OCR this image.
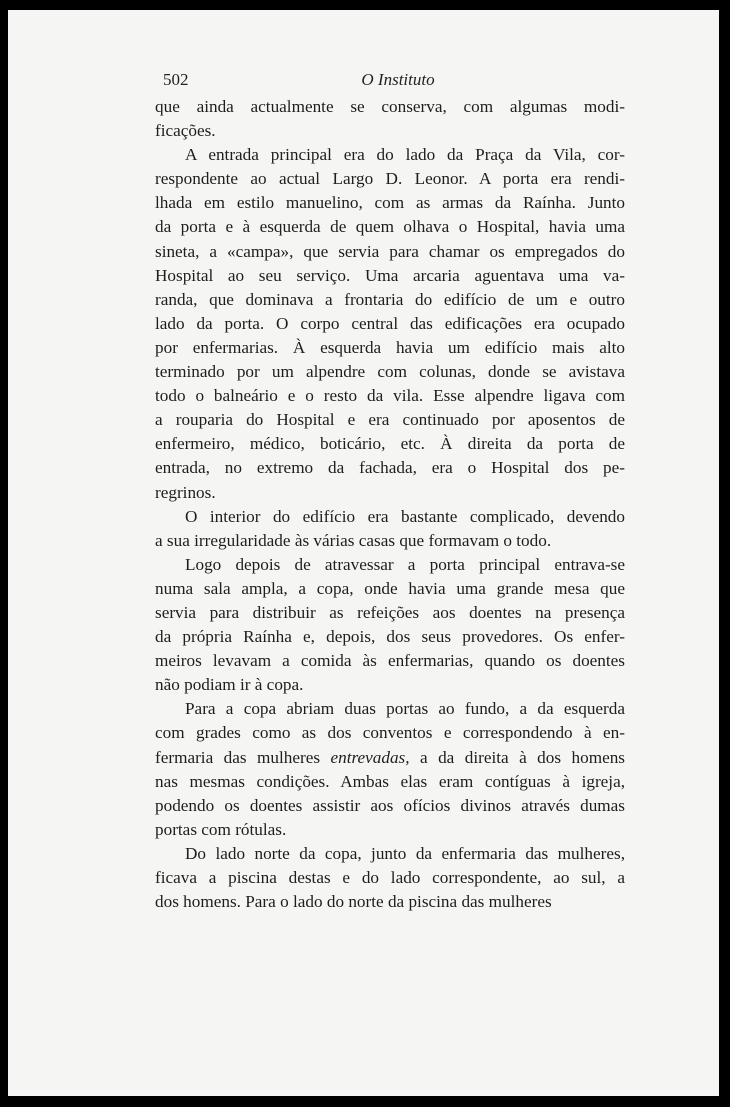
502	O Instituto

que ainda actualmente se conserva, com algumas modi-
ficações.

A entrada principal era do lado da Praça da Vila, cor-
respondente ao actual Largo D. Leonor. A porta era rendi-
lhada em estilo manuelino, com as armas da Raínha. Junto
da porta e à esquerda de quem olhava o Hospital, havia uma
sineta, a «campa», que servia para chamar os empregados do
Hospital ao seu serviço. Uma arcaria aguentava uma va-
randa, que dominava a frontaria do edifício de um e outro
lado da porta. O corpo central das edificações era ocupado
por enfermarias. À esquerda havia um edifício mais alto
terminado por um alpendre com colunas, donde se avistava
todo o balneário e o resto da vila. Esse alpendre ligava com
a rouparia do Hospital e era continuado por aposentos de
enfermeiro, médico, boticário, etc. À direita da porta de
entrada, no extremo da fachada, era o Hospital dos pe-
regrinos.

O interior do edifício era bastante complicado, devendo
a sua irregularidade às várias casas que formavam o todo.

Logo depois de atravessar a porta principal entrava-se
numa sala ampla, a copa, onde havia uma grande mesa que
servia para distribuir as refeições aos doentes na presença
da própria Raínha e, depois, dos seus provedores. Os enfer-
meiros levavam a comida às enfermarias, quando os doentes
não podiam ir à copa.

Para a copa abriam duas portas ao fundo, a da esquerda
com grades como as dos conventos e correspondendo à en-
fermaria das mulheres entrevadas, a da direita à dos homens
nas mesmas condições. Ambas elas eram contíguas à igreja,
podendo os doentes assistir aos ofícios divinos através dumas
portas com rótulas.

Do lado norte da copa, junto da enfermaria das mulheres,
ficava a piscina destas e do lado correspondente, ao sul, a
dos homens. Para o lado do norte da piscina das mulheres
